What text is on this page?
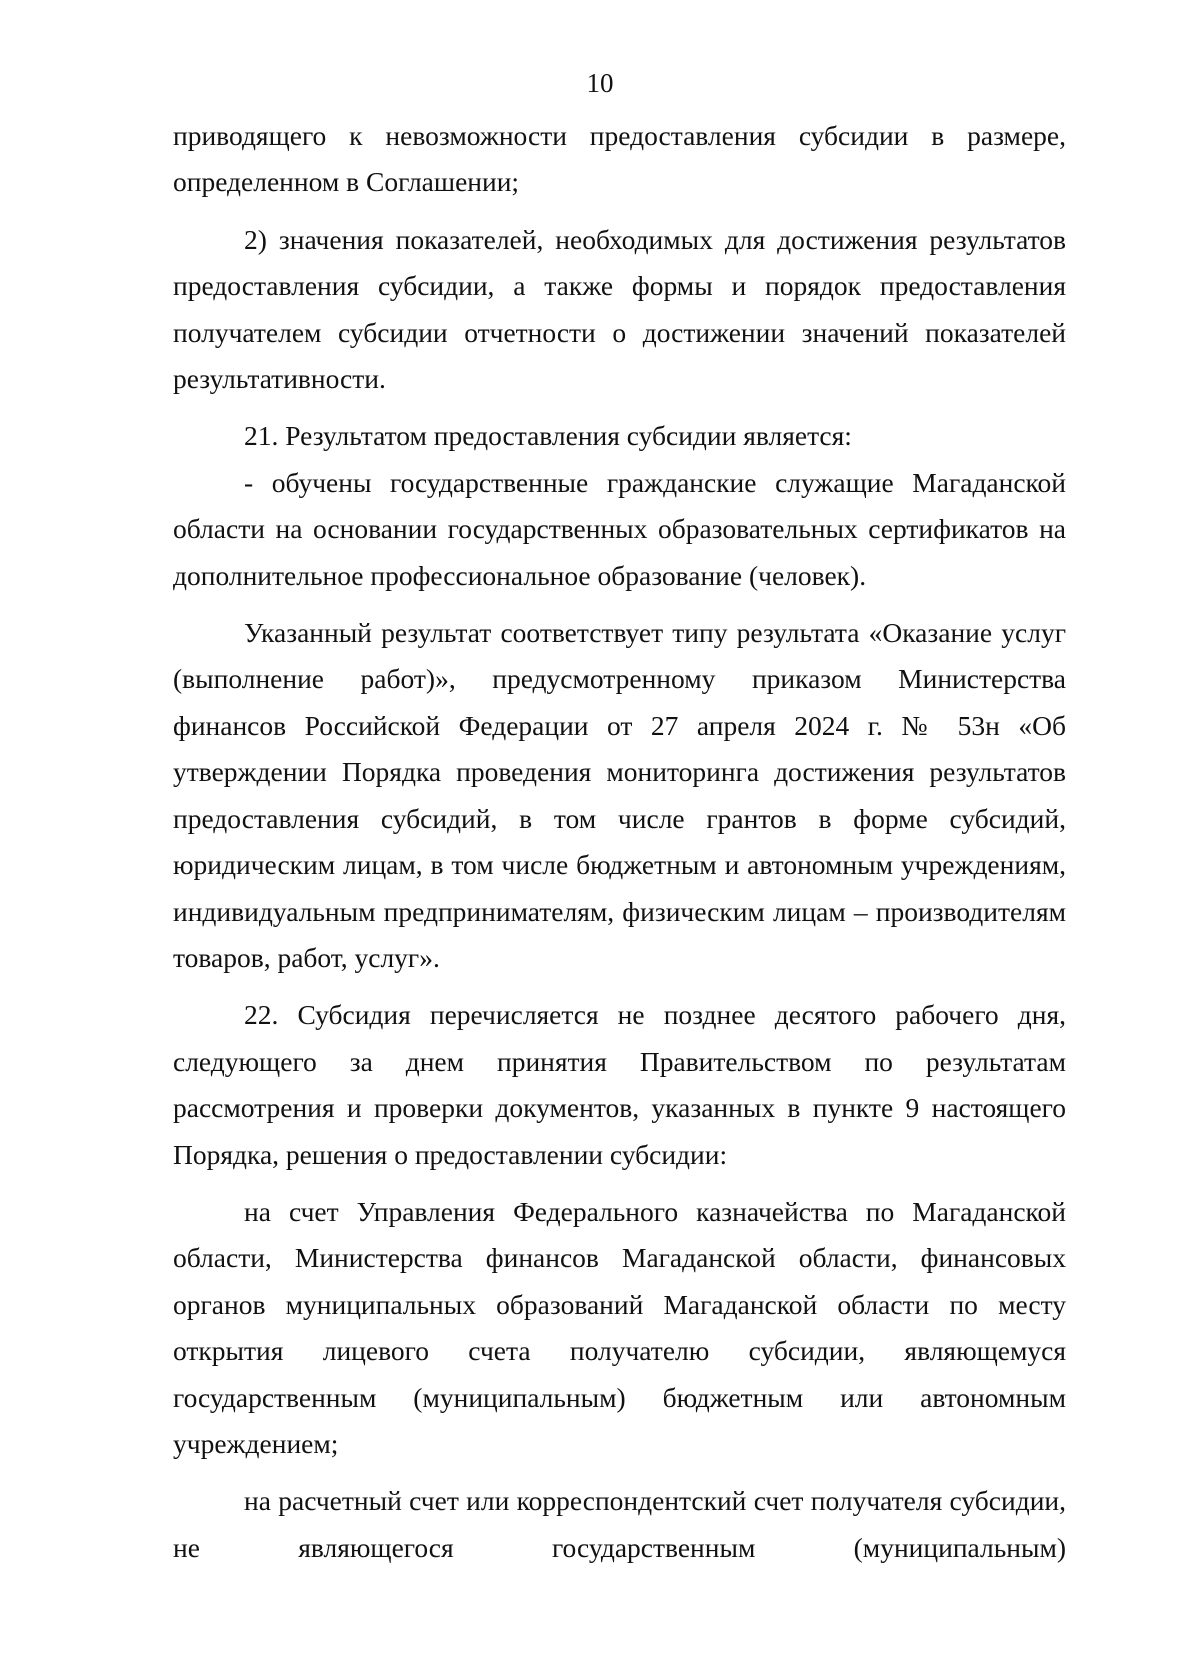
10

приводящего к невозможности предоставления субсидии в размере, определенном в Соглашении;

2) значения показателей, необходимых для достижения результатов предоставления субсидии, а также формы и порядок предоставления получателем субсидии отчетности о достижении значений показателей результативности.

21. Результатом предоставления субсидии является:

- обучены государственные гражданские служащие Магаданской области на основании государственных образовательных сертификатов на дополнительное профессиональное образование (человек).

Указанный результат соответствует типу результата «Оказание услуг (выполнение работ)», предусмотренному приказом Министерства финансов Российской Федерации от 27 апреля 2024 г. № 53н «Об утверждении Порядка проведения мониторинга достижения результатов предоставления субсидий, в том числе грантов в форме субсидий, юридическим лицам, в том числе бюджетным и автономным учреждениям, индивидуальным предпринимателям, физическим лицам – производителям товаров, работ, услуг».

22. Субсидия перечисляется не позднее десятого рабочего дня, следующего за днем принятия Правительством по результатам рассмотрения и проверки документов, указанных в пункте 9 настоящего Порядка, решения о предоставлении субсидии:

на счет Управления Федерального казначейства по Магаданской области, Министерства финансов Магаданской области, финансовых органов муниципальных образований Магаданской области по месту открытия лицевого счета получателю субсидии, являющемуся государственным (муниципальным) бюджетным или автономным учреждением;

на расчетный счет или корреспондентский счет получателя субсидии, не являющегося государственным (муниципальным)
